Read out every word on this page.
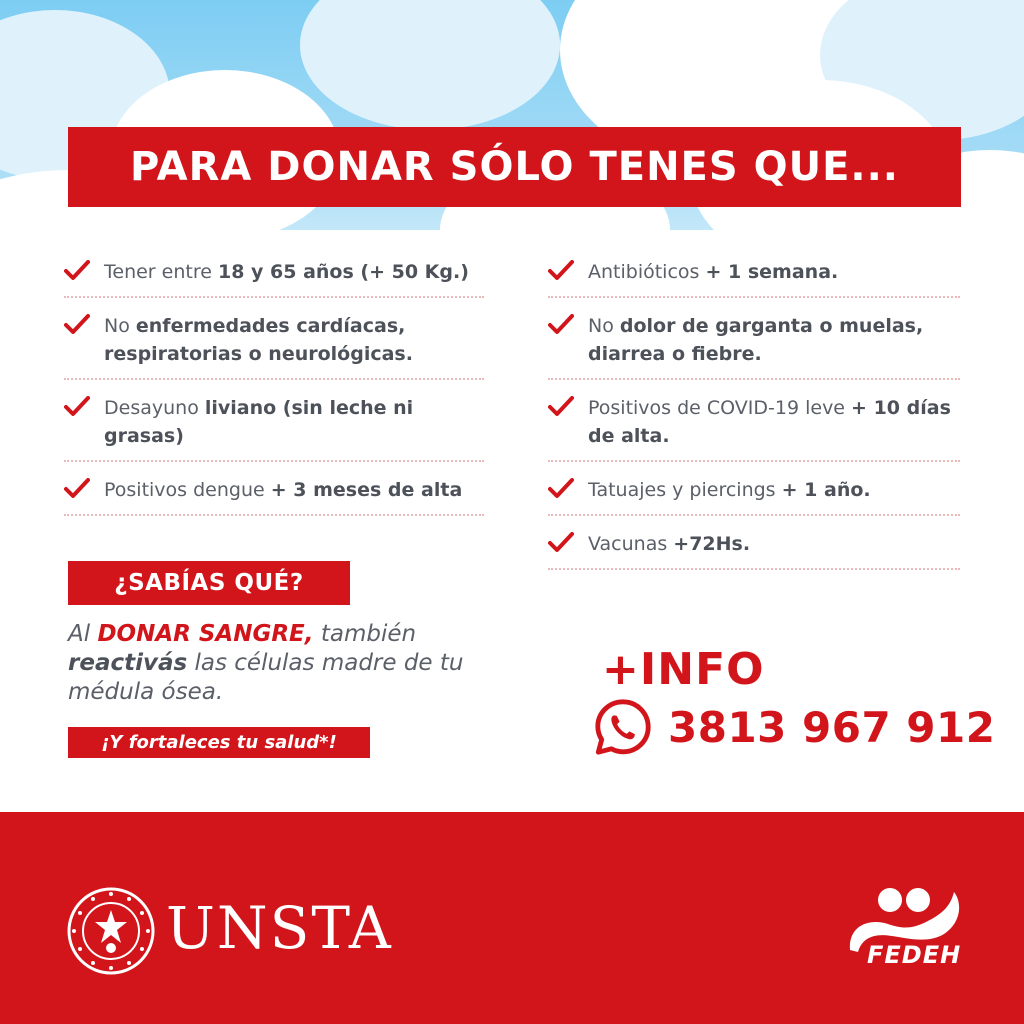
PARA DONAR SÓLO TENES QUE...
Tener entre 18 y 65 años (+ 50 Kg.)
No enfermedades cardíacas, respiratorias o neurológicas.
Desayuno liviano (sin leche ni grasas)
Positivos dengue + 3 meses de alta
Antibióticos + 1 semana.
No dolor de garganta o muelas, diarrea o fiebre.
Positivos de COVID-19 leve + 10 días de alta.
Tatuajes y piercings + 1 año.
Vacunas +72Hs.
¿SABÍAS QUÉ?
Al DONAR SANGRE, también reactivás las células madre de tu médula ósea.
¡Y fortaleces tu salud*!
+INFO
3813 967 912
UNSTA	FEDEH
